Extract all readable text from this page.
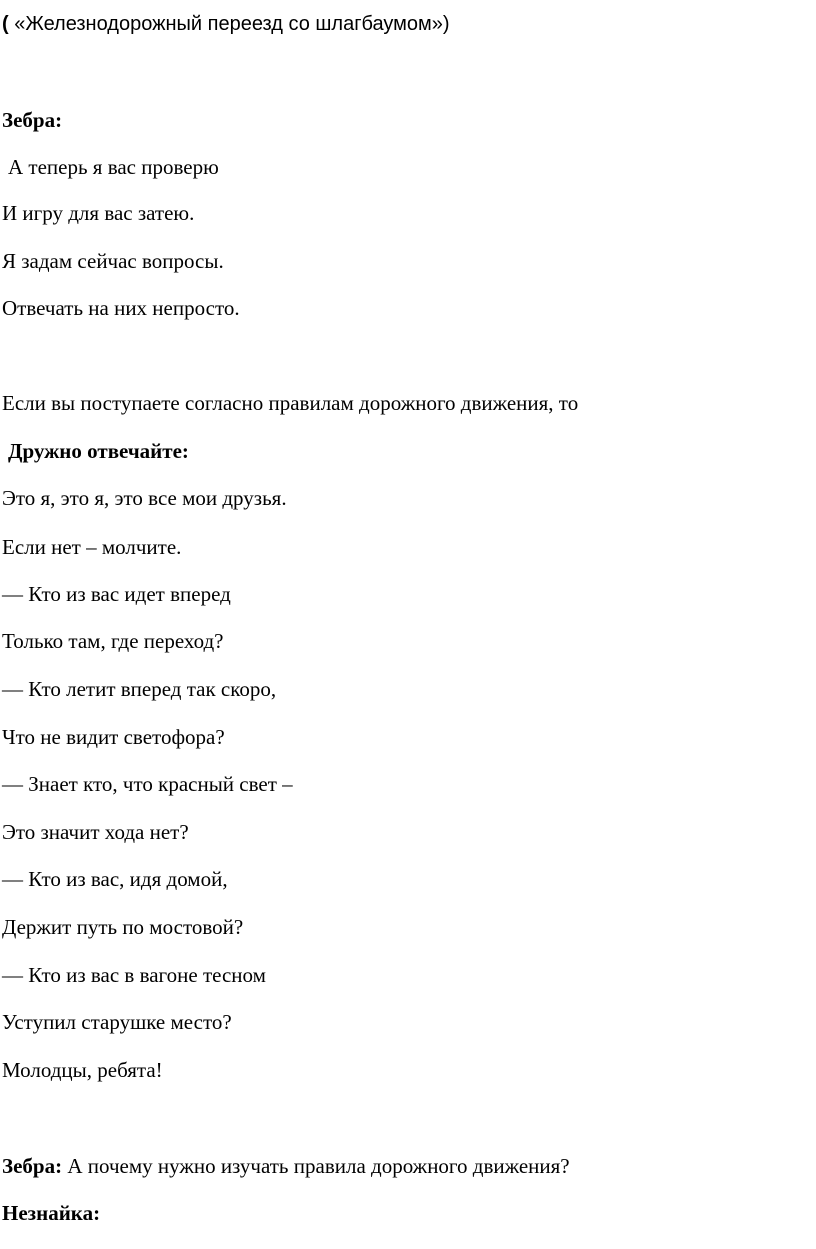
( «Железнодорожный переезд со шлагбаумом»)
Зебра:
А теперь я вас проверю
И игру для вас затею.
Я задам сейчас вопросы.
Отвечать на них непросто.
Если вы поступаете согласно правилам дорожного движения, то
Дружно отвечайте:
Это я, это я, это все мои друзья.
Если нет – молчите.
— Кто из вас идет вперед
Только там, где переход?
— Кто летит вперед так скоро,
Что не видит светофора?
— Знает кто, что красный свет –
Это значит хода нет?
— Кто из вас, идя домой,
Держит путь по мостовой?
— Кто из вас в вагоне тесном
Уступил старушке место?
Молодцы, ребята!
Зебра: А почему нужно изучать правила дорожного движения?
Незнайка:
